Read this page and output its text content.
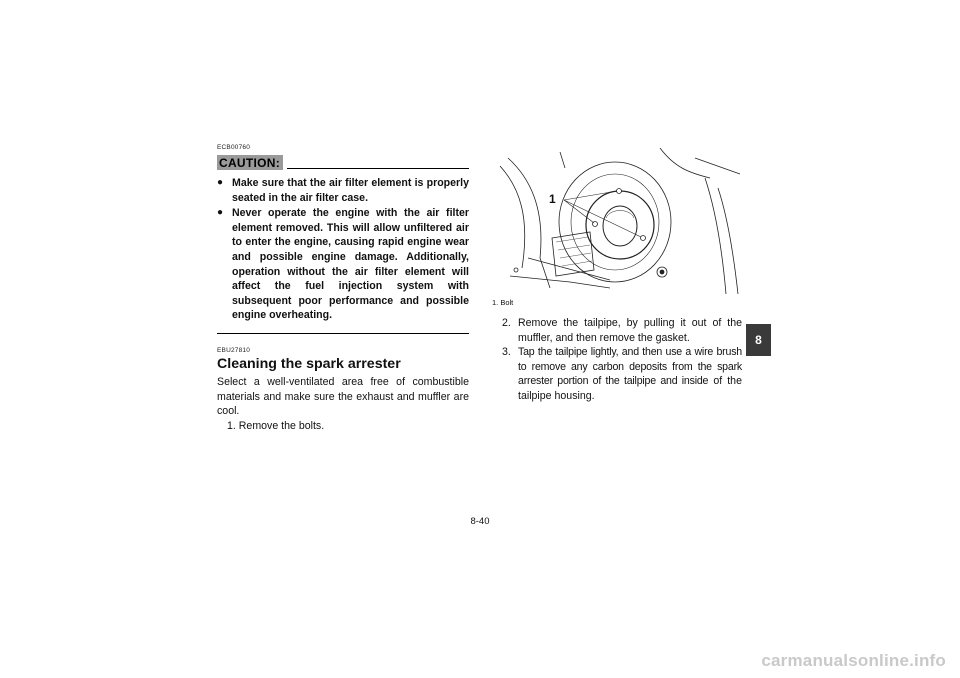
ECB00760
CAUTION:
● Make sure that the air filter element is properly seated in the air filter case.
● Never operate the engine with the air filter element removed. This will allow unfiltered air to enter the engine, causing rapid engine wear and possible engine damage. Additionally, operation without the air filter element will affect the fuel injection system with subsequent poor performance and possible engine overheating.
EBU27810
Cleaning the spark arrester

Select a well-ventilated area free of combustible materials and make sure the exhaust and muffler are cool.

1. Remove the bolts.

1
1. Bolt

2. Remove the tailpipe, by pulling it out of the muffler, and then remove the gasket.

3. Tap the tailpipe lightly, and then use a wire brush to remove any carbon deposits from the spark arrester portion of the tailpipe and inside of the tailpipe housing.

8
8-40
carmanualsonline.info
